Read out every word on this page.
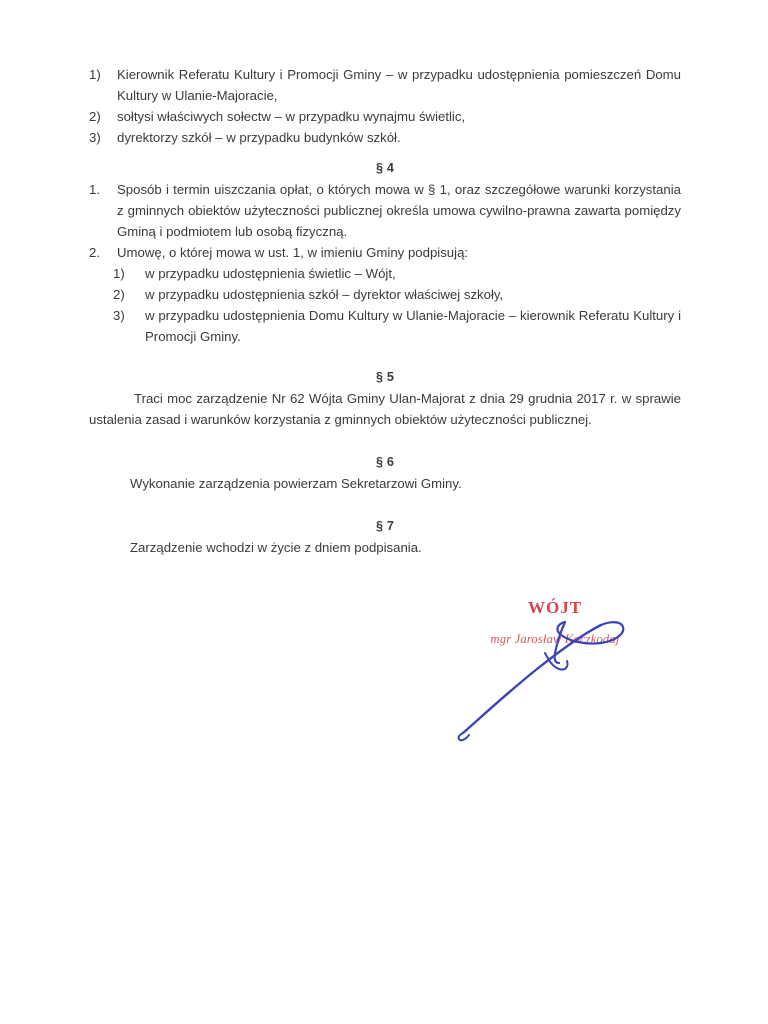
1)	Kierownik Referatu Kultury i Promocji Gminy – w przypadku udostępnienia pomieszczeń Domu Kultury w Ulanie-Majoracie,
2)	sołtysi właściwych sołectw – w przypadku wynajmu świetlic,
3)	dyrektorzy szkół – w przypadku budynków szkół.

§ 4

1.	Sposób i termin uiszczania opłat, o których mowa w § 1, oraz szczegółowe warunki korzystania z gminnych obiektów użyteczności publicznej określa umowa cywilno-prawna zawarta pomiędzy Gminą i podmiotem lub osobą fizyczną.
2.	Umowę, o której mowa w ust. 1, w imieniu Gminy podpisują:
1)	w przypadku udostępnienia świetlic – Wójt,
2)	w przypadku udostępnienia szkół – dyrektor właściwej szkoły,
3)	w przypadku udostępnienia Domu Kultury w Ulanie-Majoracie – kierownik Referatu Kultury i Promocji Gminy.

§ 5

Traci moc zarządzenie Nr 62 Wójta Gminy Ulan-Majorat z dnia 29 grudnia 2017 r. w sprawie ustalenia zasad i warunków korzystania z gminnych obiektów użyteczności publicznej.

§ 6

Wykonanie zarządzenia powierzam Sekretarzowi Gminy.

§ 7

Zarządzenie wchodzi w życie z dniem podpisania.

WÓJT
mgr Jarosław Koczkodaj
